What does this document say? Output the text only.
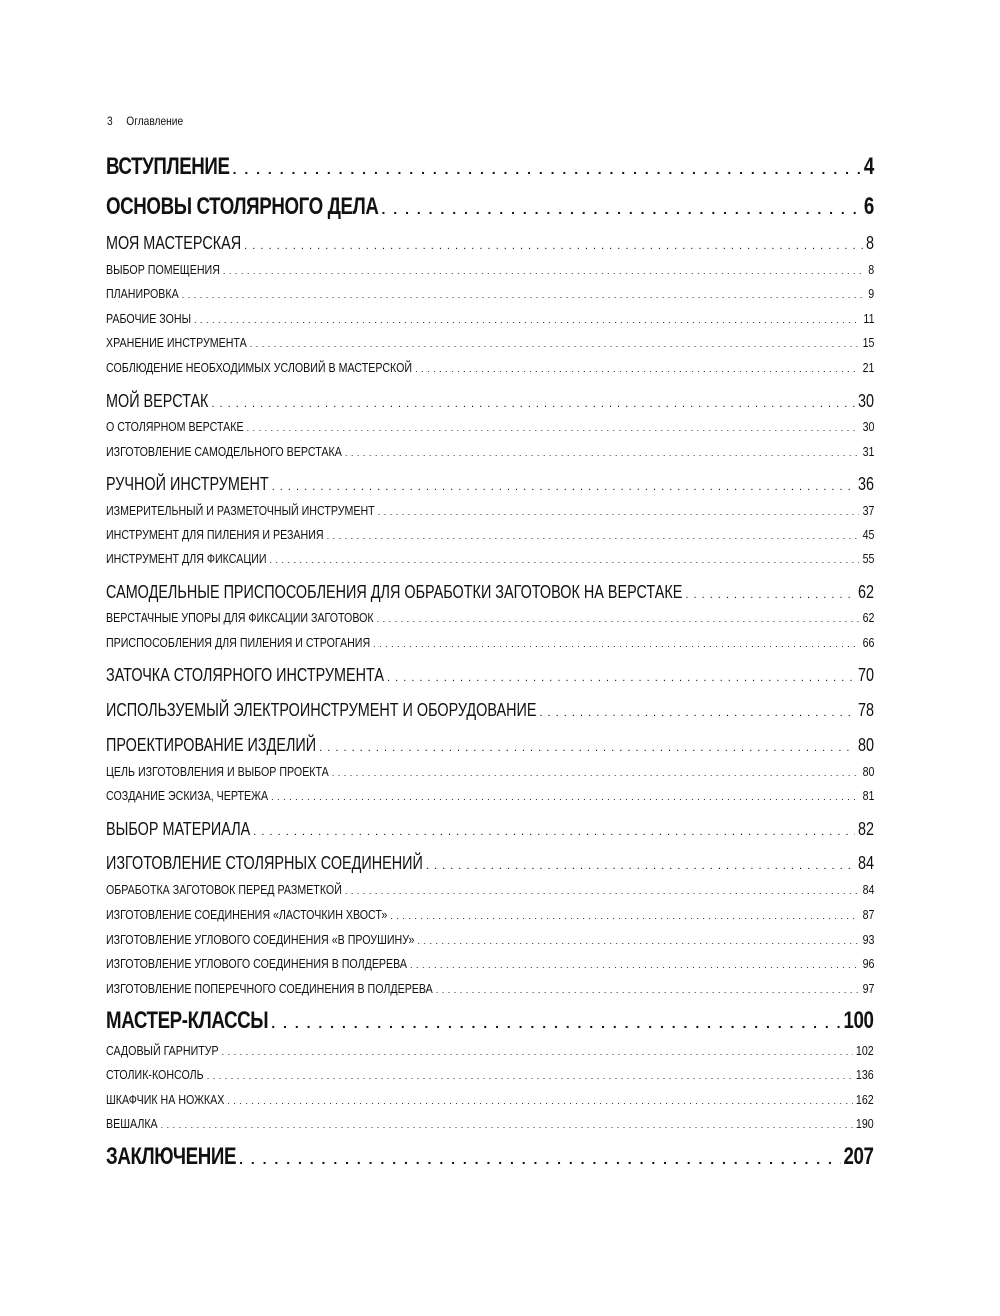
3 Оглавление
ВСТУПЛЕНИЕ . . .	4
ОСНОВЫ СТОЛЯРНОГО ДЕЛА . . .	6
МОЯ МАСТЕРСКАЯ . . .	8
ВЫБОР ПОМЕЩЕНИЯ . . .	8
ПЛАНИРОВКА . . .	9
РАБОЧИЕ ЗОНЫ . . .	11
ХРАНЕНИЕ ИНСТРУМЕНТА . . .	15
СОБЛЮДЕНИЕ НЕОБХОДИМЫХ УСЛОВИЙ В МАСТЕРСКОЙ . . .	21
МОЙ ВЕРСТАК . . .	30
О СТОЛЯРНОМ ВЕРСТАКЕ . . .	30
ИЗГОТОВЛЕНИЕ САМОДЕЛЬНОГО ВЕРСТАКА . . .	31
РУЧНОЙ ИНСТРУМЕНТ . . .	36
ИЗМЕРИТЕЛЬНЫЙ И РАЗМЕТОЧНЫЙ ИНСТРУМЕНТ . . .	37
ИНСТРУМЕНТ ДЛЯ ПИЛЕНИЯ И РЕЗАНИЯ . . .	45
ИНСТРУМЕНТ ДЛЯ ФИКСАЦИИ . . .	55
САМОДЕЛЬНЫЕ ПРИСПОСОБЛЕНИЯ ДЛЯ ОБРАБОТКИ ЗАГОТОВОК НА ВЕРСТАКЕ . . .	62
ВЕРСТАЧНЫЕ УПОРЫ ДЛЯ ФИКСАЦИИ ЗАГОТОВОК . . .	62
ПРИСПОСОБЛЕНИЯ ДЛЯ ПИЛЕНИЯ И СТРОГАНИЯ . . .	66
ЗАТОЧКА СТОЛЯРНОГО ИНСТРУМЕНТА . . .	70
ИСПОЛЬЗУЕМЫЙ ЭЛЕКТРОИНСТРУМЕНТ И ОБОРУДОВАНИЕ . . .	78
ПРОЕКТИРОВАНИЕ ИЗДЕЛИЙ . . .	80
ЦЕЛЬ ИЗГОТОВЛЕНИЯ И ВЫБОР ПРОЕКТА . . .	80
СОЗДАНИЕ ЭСКИЗА, ЧЕРТЕЖА . . .	81
ВЫБОР МАТЕРИАЛА . . .	82
ИЗГОТОВЛЕНИЕ СТОЛЯРНЫХ СОЕДИНЕНИЙ . . .	84
ОБРАБОТКА ЗАГОТОВОК ПЕРЕД РАЗМЕТКОЙ . . .	84
ИЗГОТОВЛЕНИЕ СОЕДИНЕНИЯ «ЛАСТОЧКИН ХВОСТ» . . .	87
ИЗГОТОВЛЕНИЕ УГЛОВОГО СОЕДИНЕНИЯ «В ПРОУШИНУ» . . .	93
ИЗГОТОВЛЕНИЕ УГЛОВОГО СОЕДИНЕНИЯ В ПОЛДЕРЕВА . . .	96
ИЗГОТОВЛЕНИЕ ПОПЕРЕЧНОГО СОЕДИНЕНИЯ В ПОЛДЕРЕВА . . .	97
МАСТЕР-КЛАССЫ . . .	100
САДОВЫЙ ГАРНИТУР . . .	102
СТОЛИК-КОНСОЛЬ . . .	136
ШКАФЧИК НА НОЖКАХ . . .	162
ВЕШАЛКА . . .	190
ЗАКЛЮЧЕНИЕ . . .	207
